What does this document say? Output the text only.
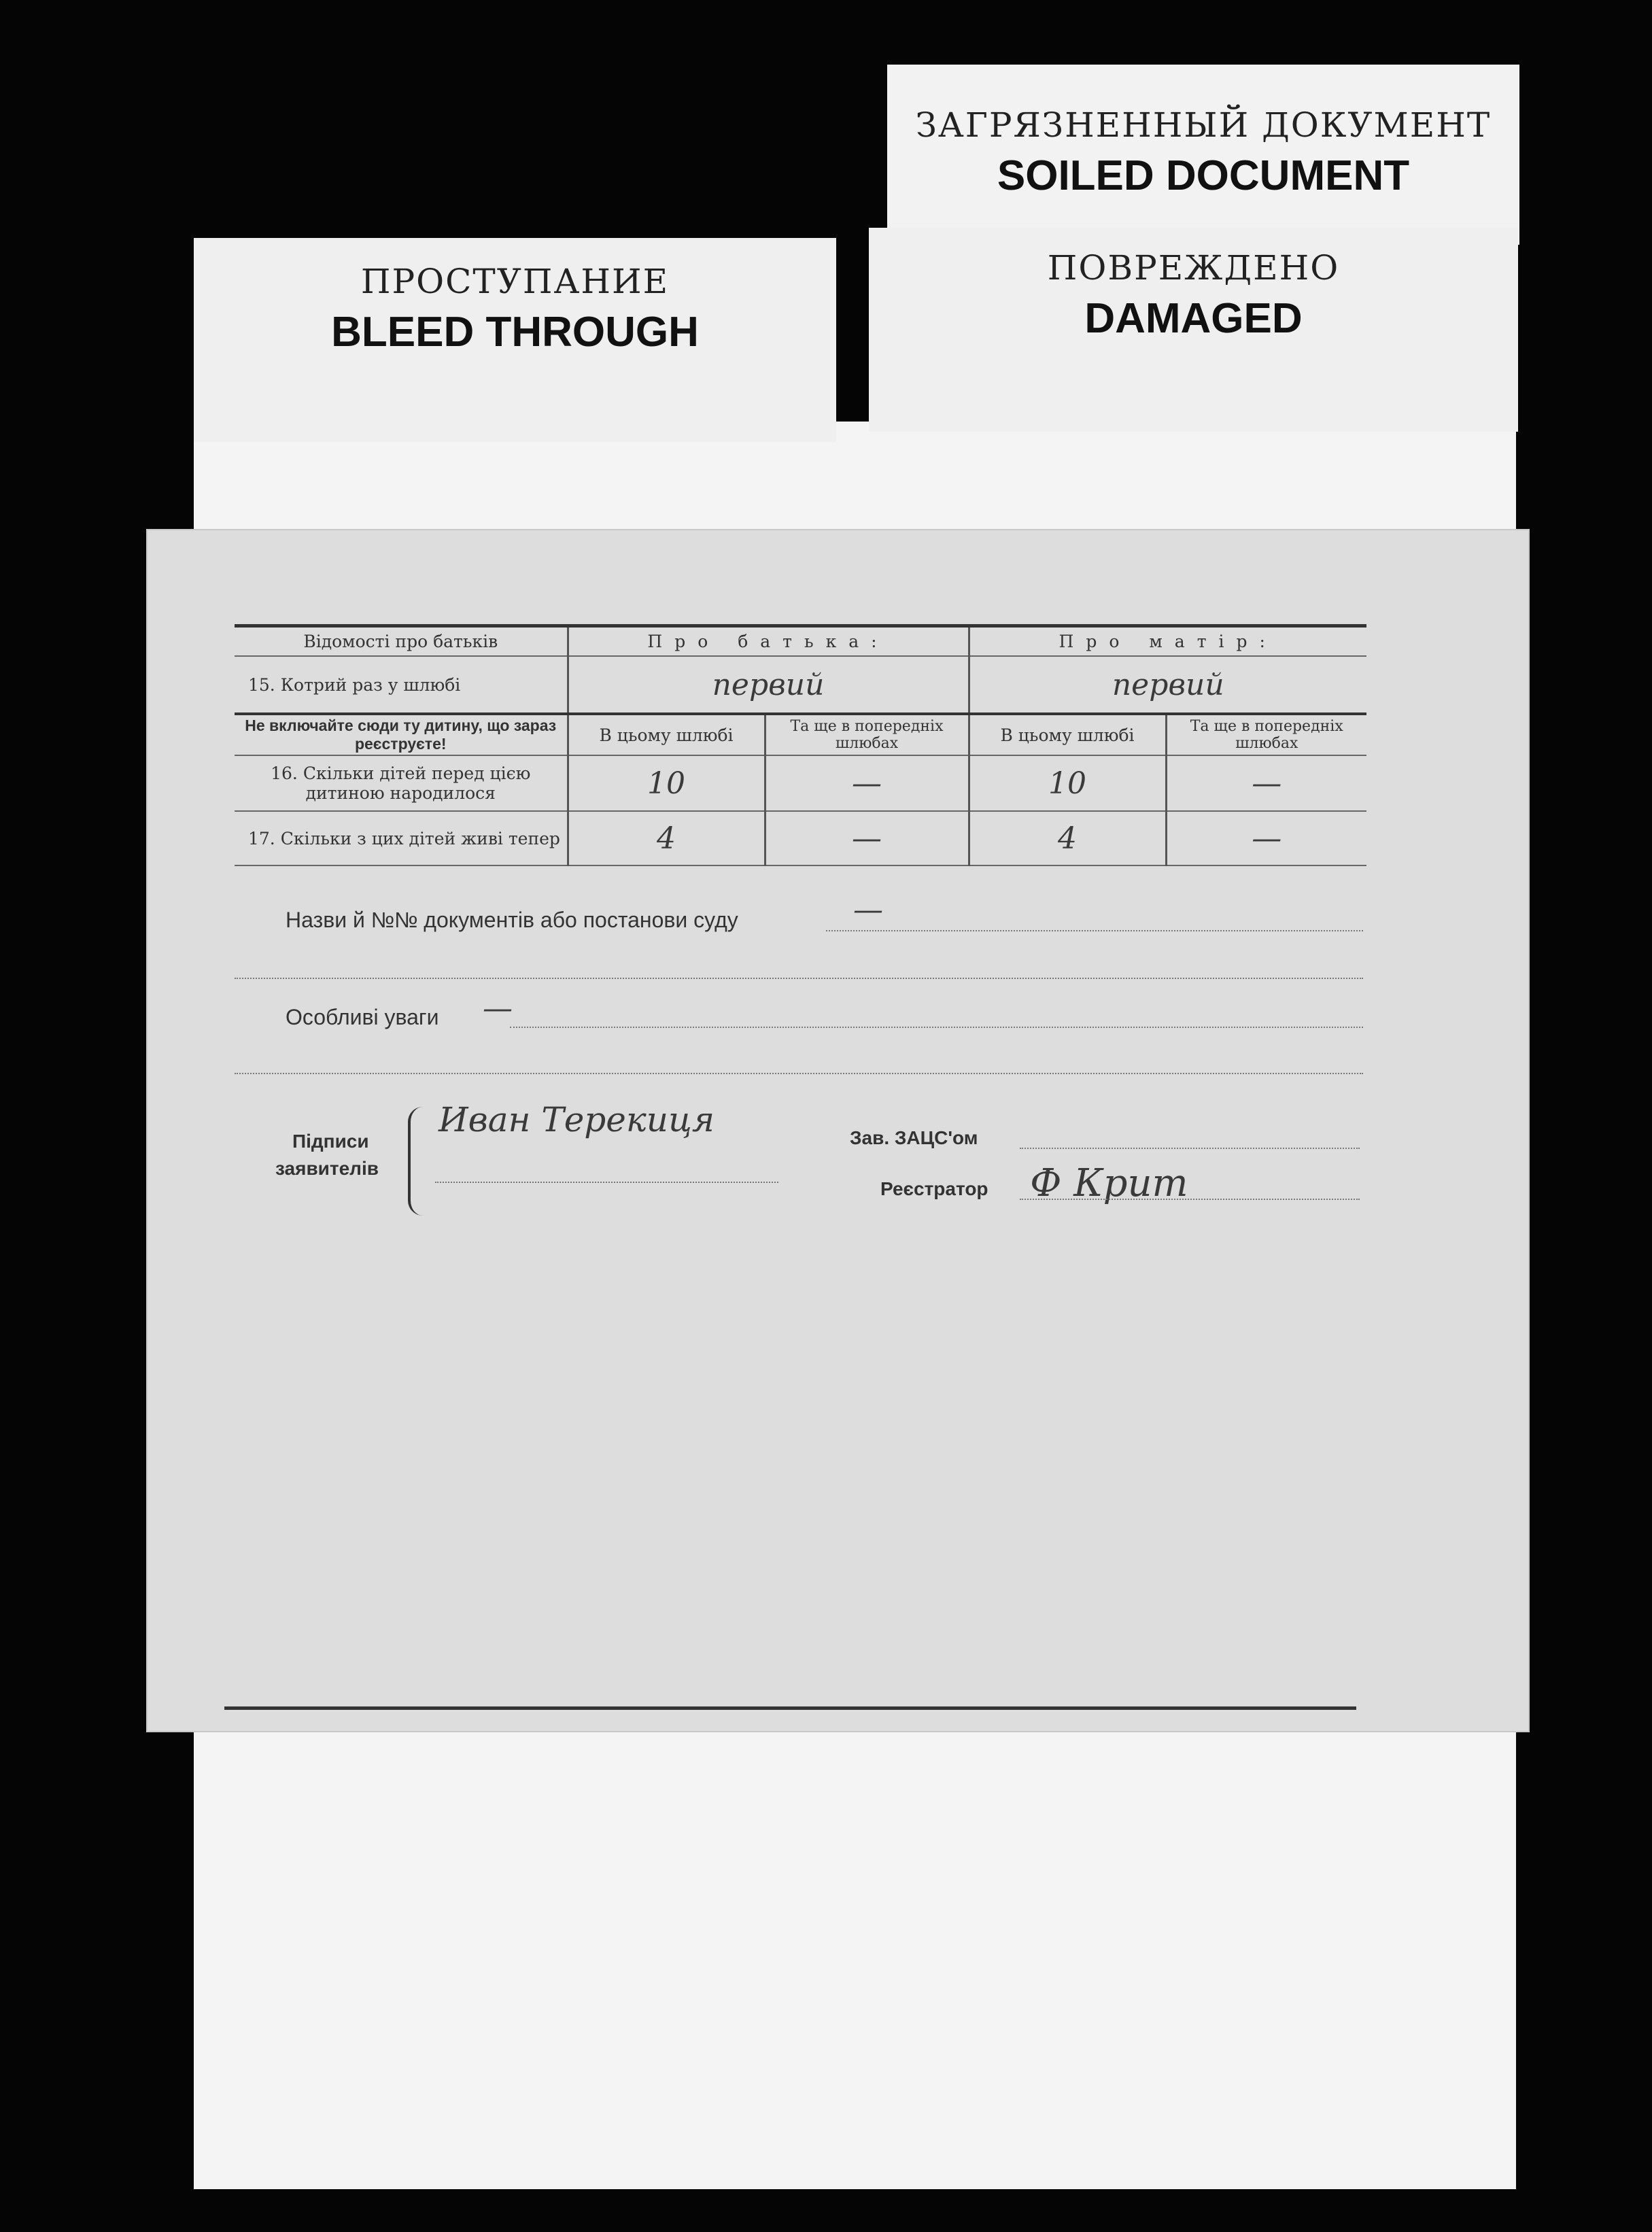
ЗАГРЯЗНЕННЫЙ ДОКУМЕНТ
SOILED DOCUMENT
ПРОСТУПАНИЕ
BLEED THROUGH
ПОВРЕЖДЕНО
DAMAGED
Відомості про батьків	Про батька:		Про матір:	
15. Котрий раз у шлюбі	первий		первий	
Не включайте сюди ту дитину, що зараз реєструєте!	В цьому шлюбі	Та ще в попередніх шлюбах	В цьому шлюбі	Та ще в попередніх шлюбах
16. Скільки дітей перед цією дитиною народилося	10	—	10	—
17. Скільки з цих дітей живі тепер	4	—	4	—
Назви й №№ документів або постанови суду	—
Особливі уваги —
Підписи
заявителів
Иван Терекиця	Зав. ЗАЦС'ом
Реєстратор Ф Крит
